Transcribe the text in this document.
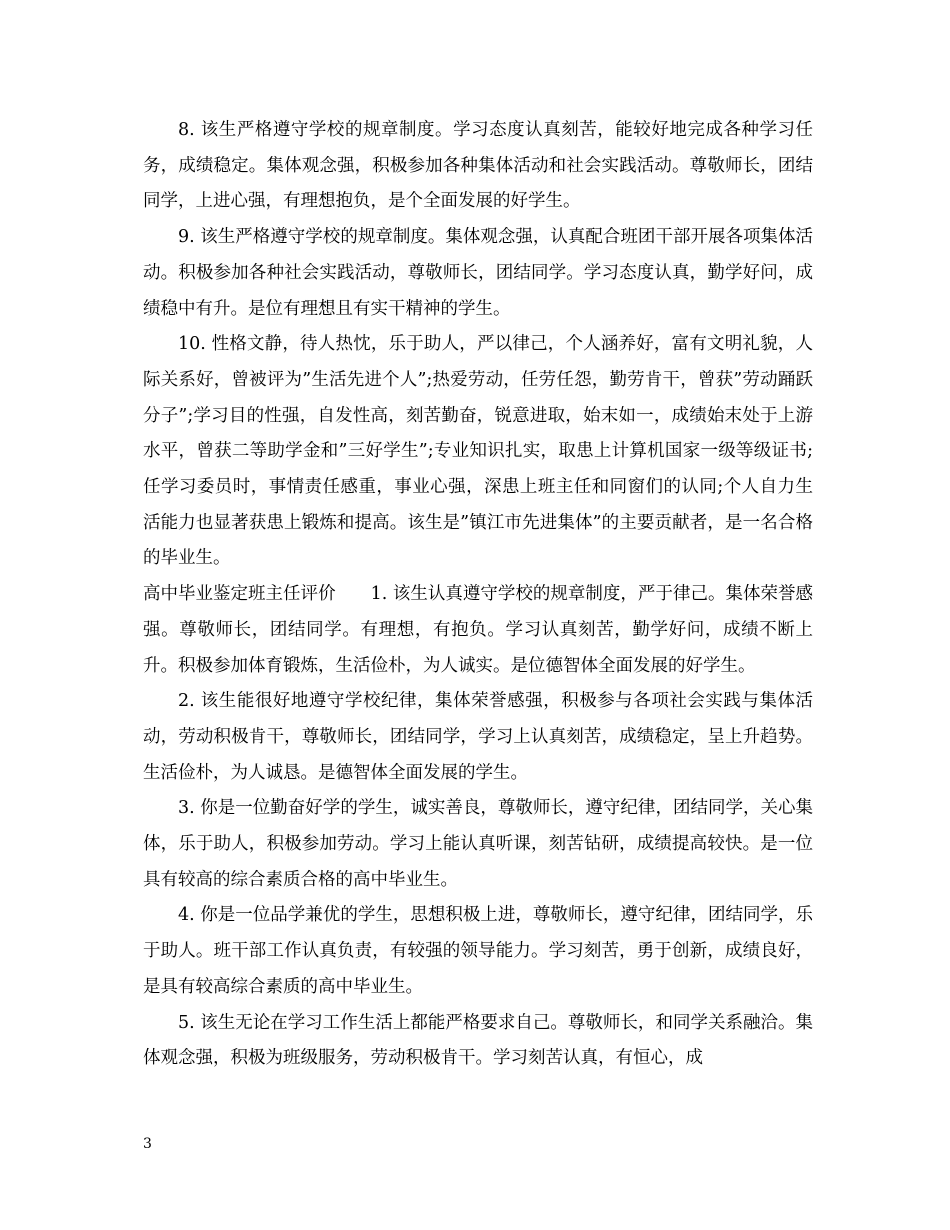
8. 该生严格遵守学校的规章制度。学习态度认真刻苦，能较好地完成各种学习任务，成绩稳定。集体观念强，积极参加各种集体活动和社会实践活动。尊敬师长，团结同学，上进心强，有理想抱负，是个全面发展的好学生。

9. 该生严格遵守学校的规章制度。集体观念强，认真配合班团干部开展各项集体活动。积极参加各种社会实践活动，尊敬师长，团结同学。学习态度认真，勤学好问，成绩稳中有升。是位有理想且有实干精神的学生。

10. 性格文静，待人热忱，乐于助人，严以律己，个人涵养好，富有文明礼貌，人际关系好，曾被评为”生活先进个人”;热爱劳动，任劳任怨，勤劳肯干，曾获”劳动踊跃分子”;学习目的性强，自发性高，刻苦勤奋，锐意进取，始末如一，成绩始末处于上游水平，曾获二等助学金和”三好学生”;专业知识扎实，取患上计算机国家一级等级证书;任学习委员时，事情责任感重，事业心强，深患上班主任和同窗们的认同;个人自力生活能力也显著获患上锻炼和提高。该生是”镇江市先进集体”的主要贡献者，是一名合格的毕业生。

高中毕业鉴定班主任评价　　1. 该生认真遵守学校的规章制度，严于律己。集体荣誉感强。尊敬师长，团结同学。有理想，有抱负。学习认真刻苦，勤学好问，成绩不断上升。积极参加体育锻炼，生活俭朴，为人诚实。是位德智体全面发展的好学生。

2. 该生能很好地遵守学校纪律，集体荣誉感强，积极参与各项社会实践与集体活动，劳动积极肯干，尊敬师长，团结同学，学习上认真刻苦，成绩稳定，呈上升趋势。生活俭朴，为人诚恳。是德智体全面发展的学生。

3. 你是一位勤奋好学的学生，诚实善良，尊敬师长，遵守纪律，团结同学，关心集体，乐于助人，积极参加劳动。学习上能认真听课，刻苦钻研，成绩提高较快。是一位具有较高的综合素质合格的高中毕业生。

4. 你是一位品学兼优的学生，思想积极上进，尊敬师长，遵守纪律，团结同学，乐于助人。班干部工作认真负责，有较强的领导能力。学习刻苦，勇于创新，成绩良好，是具有较高综合素质的高中毕业生。

5. 该生无论在学习工作生活上都能严格要求自己。尊敬师长，和同学关系融洽。集体观念强，积极为班级服务，劳动积极肯干。学习刻苦认真，有恒心，成

3
